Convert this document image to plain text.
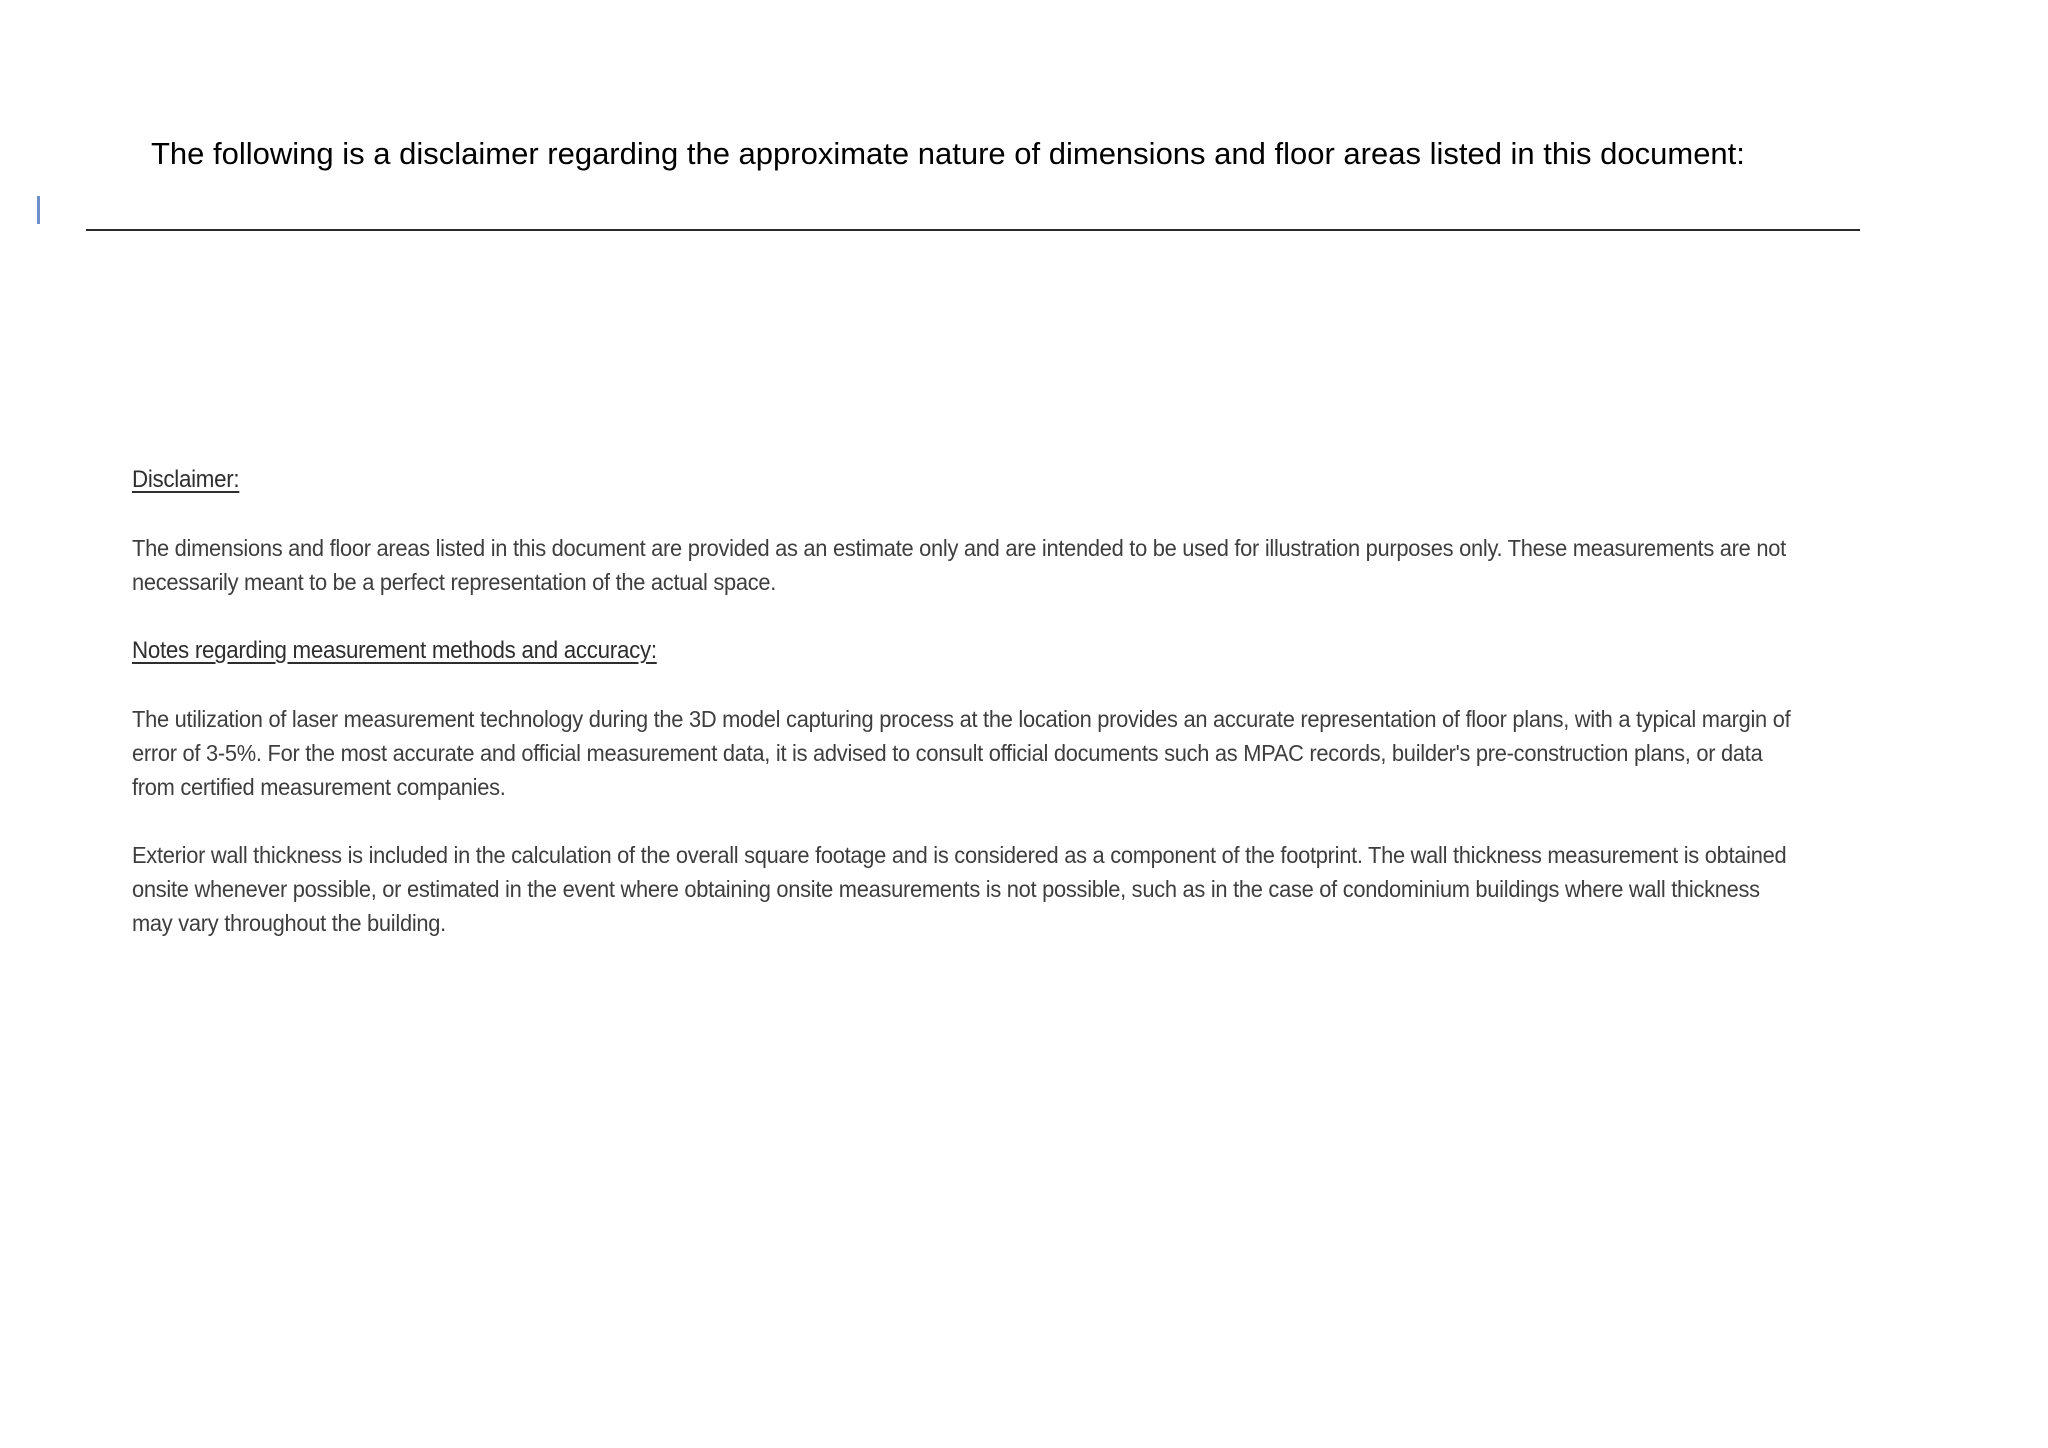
The following is a disclaimer regarding the approximate nature of dimensions and floor areas listed in this document:
Disclaimer:

The dimensions and floor areas listed in this document are provided as an estimate only and are intended to be used for illustration purposes only. These measurements are not necessarily meant to be a perfect representation of the actual space.

Notes regarding measurement methods and accuracy:

The utilization of laser measurement technology during the 3D model capturing process at the location provides an accurate representation of floor plans, with a typical margin of error of 3-5%. For the most accurate and official measurement data, it is advised to consult official documents such as MPAC records, builder's pre-construction plans, or data from certified measurement companies.

Exterior wall thickness is included in the calculation of the overall square footage and is considered as a component of the footprint. The wall thickness measurement is obtained onsite whenever possible, or estimated in the event where obtaining onsite measurements is not possible, such as in the case of condominium buildings where wall thickness may vary throughout the building.
